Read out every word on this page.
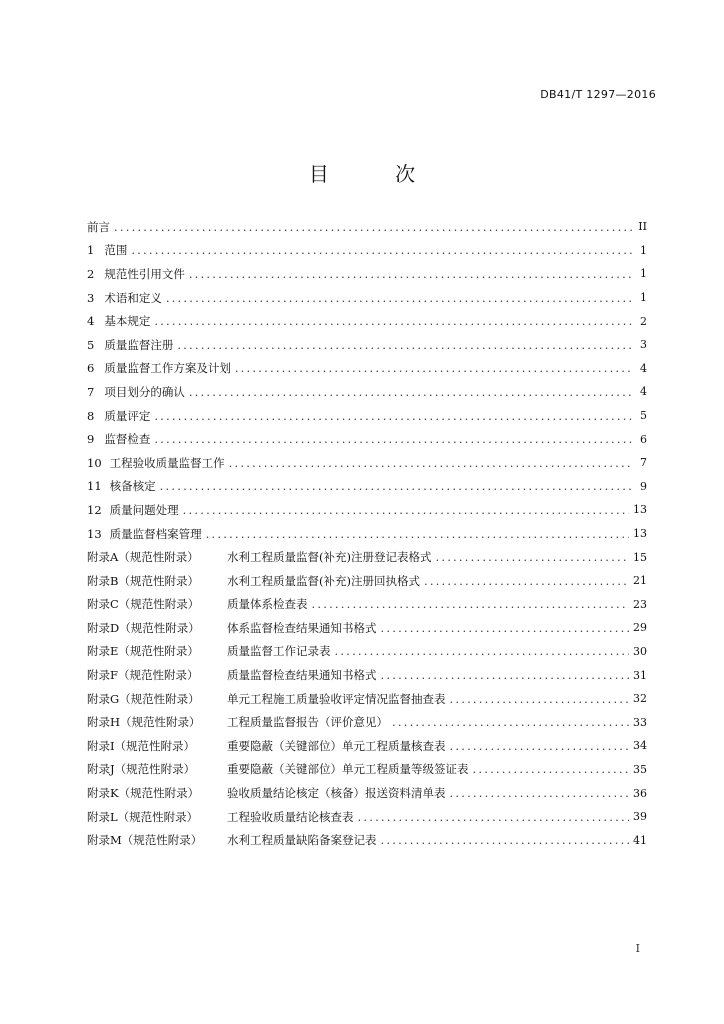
DB41/T 1297—2016
目 次
前言 .....	II
1 范围 .....	1
2 规范性引用文件 .....	1
3 术语和定义 .....	1
4 基本规定 .....	2
5 质量监督注册 .....	3
6 质量监督工作方案及计划 .....	4
7 项目划分的确认 .....	4
8 质量评定 .....	5
9 监督检查 .....	6
10 工程验收质量监督工作 .....	7
11 核备核定 .....	9
12 质量问题处理 .....	13
13 质量监督档案管理 .....	13
附录A（规范性附录）	水利工程质量监督(补充)注册登记表格式 .....	15
附录B（规范性附录）	水利工程质量监督(补充)注册回执格式 .....	21
附录C（规范性附录）	质量体系检查表 .....	23
附录D（规范性附录）	体系监督检查结果通知书格式 .....	29
附录E（规范性附录）	质量监督工作记录表 .....	30
附录F（规范性附录）	质量监督检查结果通知书格式 .....	31
附录G（规范性附录）	单元工程施工质量验收评定情况监督抽查表 .....	32
附录H（规范性附录）	工程质量监督报告（评价意见） .....	33
附录I（规范性附录）	重要隐蔽（关键部位）单元工程质量核查表 .....	34
附录J（规范性附录）	重要隐蔽（关键部位）单元工程质量等级签证表 .....	35
附录K（规范性附录）	验收质量结论核定（核备）报送资料清单表 .....	36
附录L（规范性附录）	工程验收质量结论核查表 .....	39
附录M（规范性附录）	水利工程质量缺陷备案登记表 .....	41
I
